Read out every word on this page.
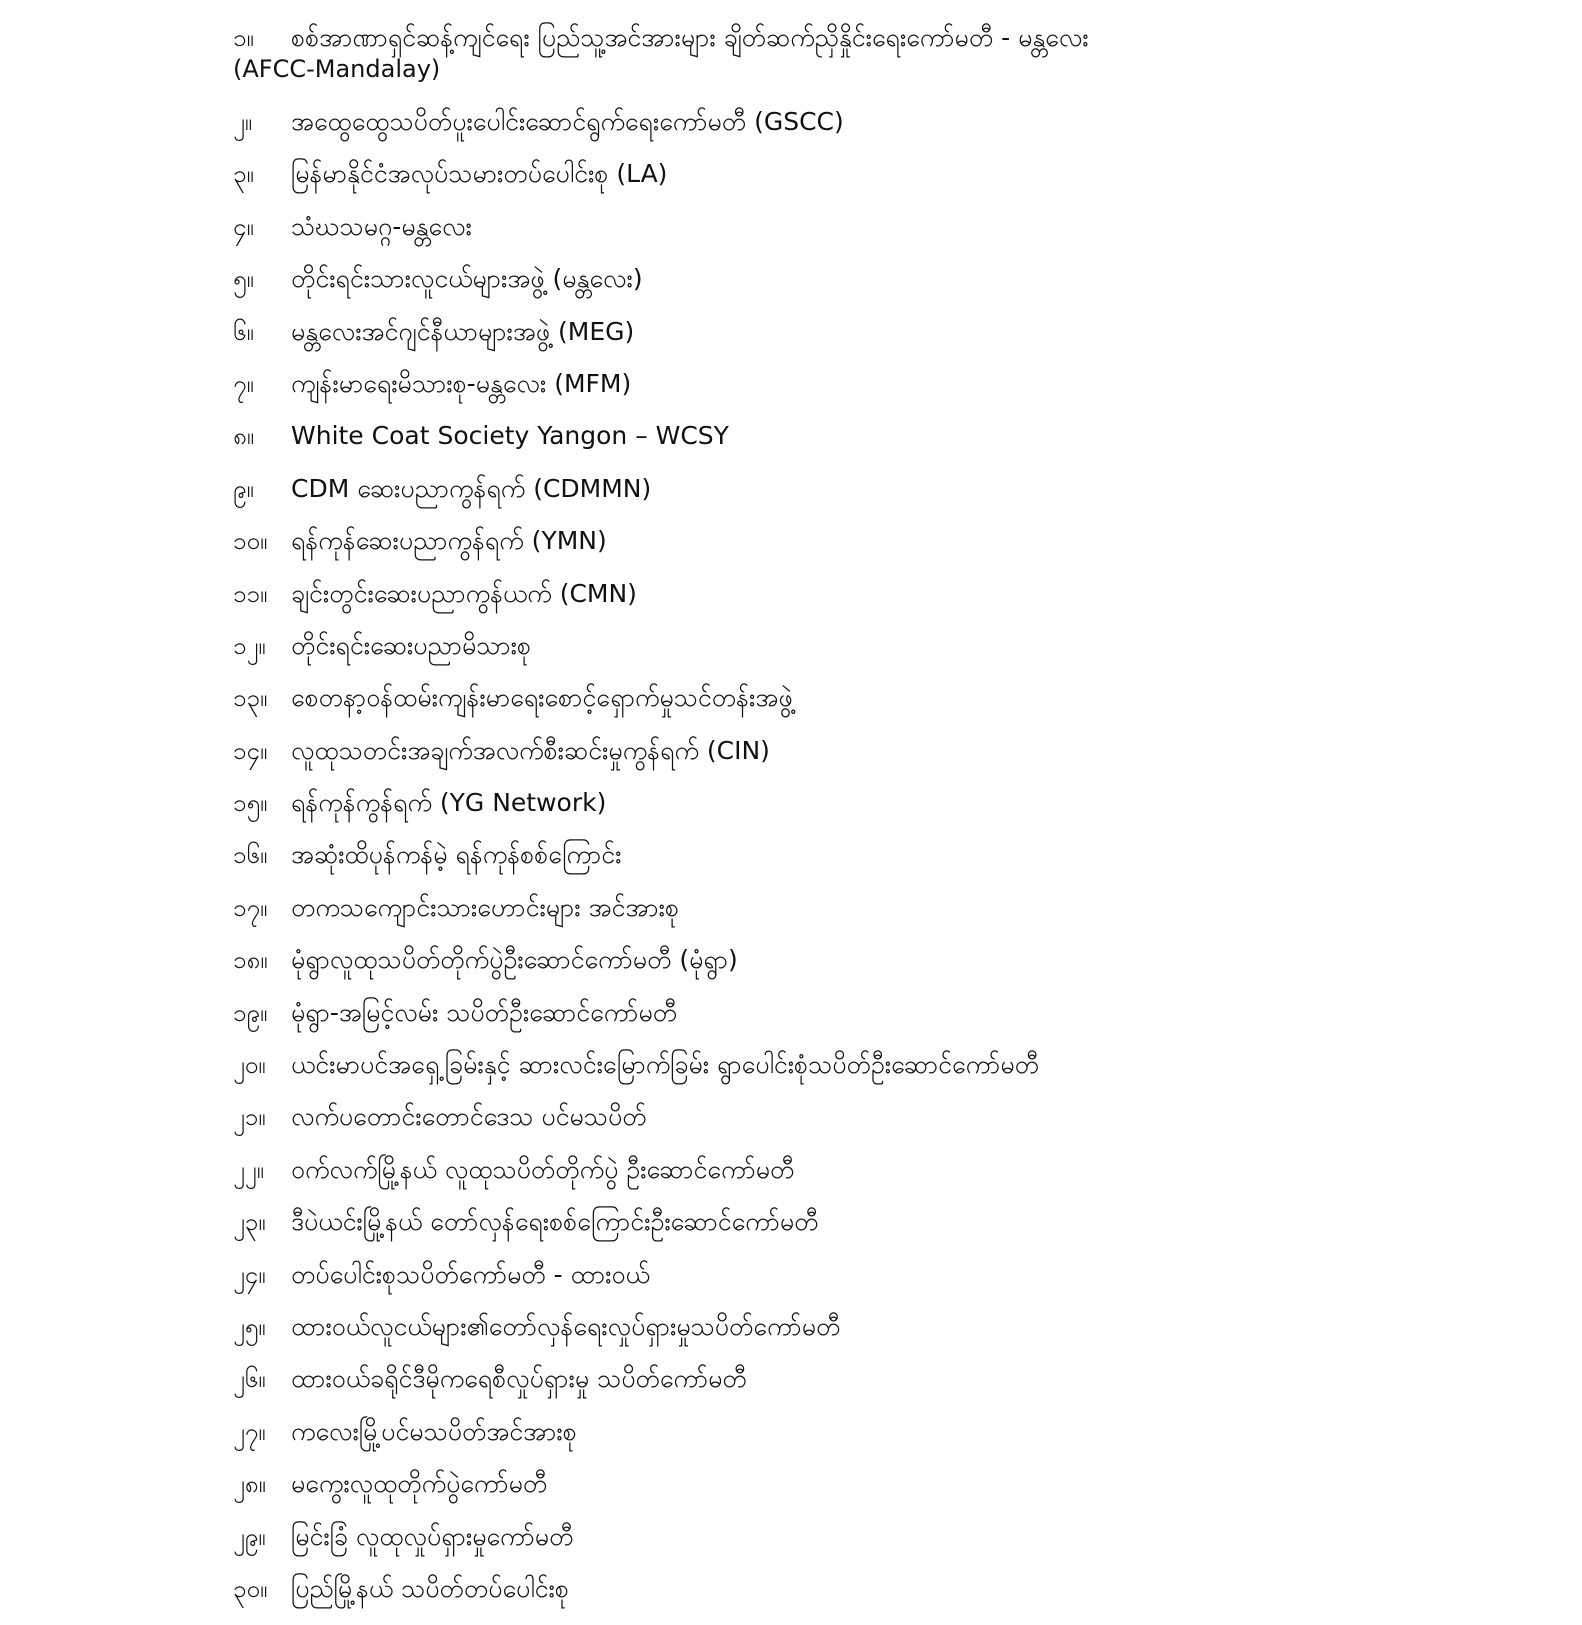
၁။	စစ်အာဏာရှင်ဆန့်ကျင်ရေး ပြည်သူ့အင်အားများ ချိတ်ဆက်ညှိနှိုင်းရေးကော်မတီ - မန္တလေး
(AFCC-Mandalay)
၂။	အထွေထွေသပိတ်ပူးပေါင်းဆောင်ရွက်ရေးကော်မတီ (GSCC)
၃။	မြန်မာနိုင်ငံအလုပ်သမားတပ်ပေါင်းစု (LA)
၄။	သံဃသမဂ္ဂ-မန္တလေး
၅။	တိုင်းရင်းသားလူငယ်များအဖွဲ့ (မန္တလေး)
၆။	မန္တလေးအင်ဂျင်နီယာများအဖွဲ့ (MEG)
၇။	ကျန်းမာရေးမိသားစု-မန္တလေး (MFM)
၈။	White Coat Society Yangon – WCSY
၉။	CDM ဆေးပညာကွန်ရက် (CDMMN)
၁၀။ ရန်ကုန်ဆေးပညာကွန်ရက် (YMN)
၁၁။ ချင်းတွင်းဆေးပညာကွန်ယက် (CMN)
၁၂။	တိုင်းရင်းဆေးပညာမိသားစု
၁၃။ စေတနာ့ဝန်ထမ်းကျန်းမာရေးစောင့်ရှောက်မှုသင်တန်းအဖွဲ့
၁၄။ လူထုသတင်းအချက်အလက်စီးဆင်းမှုကွန်ရက် (CIN)
၁၅။ ရန်ကုန်ကွန်ရက် (YG Network)
၁၆။ အဆုံးထိပုန်ကန်မဲ့ ရန်ကုန်စစ်ကြောင်း
၁၇။ တကသကျောင်းသားဟောင်းများ အင်အားစု
၁၈။ မုံရွာလူထုသပိတ်တိုက်ပွဲဦးဆောင်ကော်မတီ (မုံရွာ)
၁၉။ မုံရွာ-အမြင့်လမ်း သပိတ်ဦးဆောင်ကော်မတီ
၂၀။	ယင်းမာပင်အရှေ့ခြမ်းနှင့် ဆားလင်းမြောက်ခြမ်း ရွာပေါင်းစုံသပိတ်ဦးဆောင်ကော်မတီ
၂၁။	လက်ပတောင်းတောင်ဒေသ ပင်မသပိတ်
၂၂။	ဝက်လက်မြို့နယ် လူထုသပိတ်တိုက်ပွဲ ဦးဆောင်ကော်မတီ
၂၃။	ဒီပဲယင်းမြို့နယ် တော်လှန်ရေးစစ်ကြောင်းဦးဆောင်ကော်မတီ
၂၄။	တပ်ပေါင်းစုသပိတ်ကော်မတီ - ထားဝယ်
၂၅။	ထားဝယ်လူငယ်များ၏တော်လှန်ရေးလှုပ်ရှားမှုသပိတ်ကော်မတီ
၂၆။	ထားဝယ်ခရိုင်ဒီမိုကရေစီလှုပ်ရှားမှု သပိတ်ကော်မတီ
၂၇။	ကလေးမြို့ပင်မသပိတ်အင်အားစု
၂၈။	မကွေးလူထုတိုက်ပွဲကော်မတီ
၂၉။	မြင်းခြံ လူထုလှုပ်ရှားမှုကော်မတီ
၃၀။ ပြည်မြို့နယ် သပိတ်တပ်ပေါင်းစု
